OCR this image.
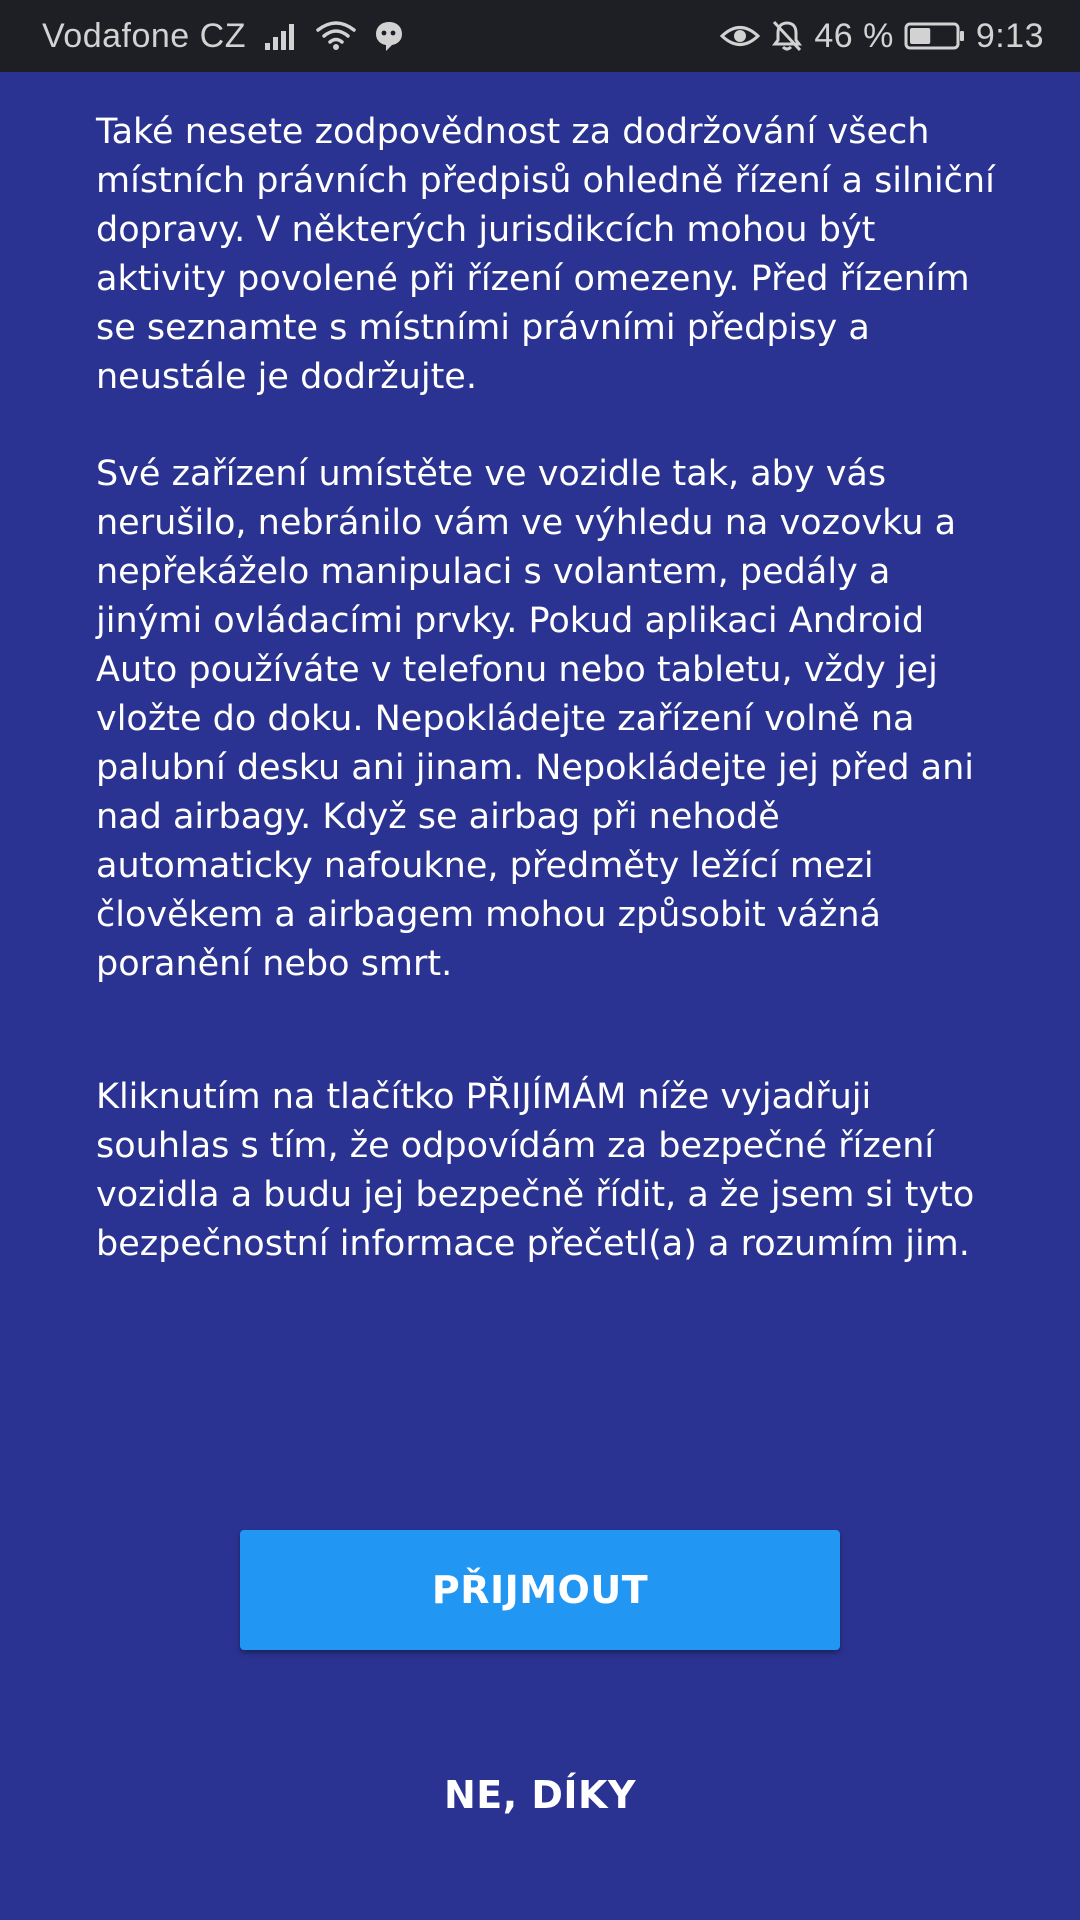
Vodafone CZ	46 % 9:13

Také nesete zodpovědnost za dodržování všech místních právních předpisů ohledně řízení a silniční dopravy. V některých jurisdikcích mohou být aktivity povolené při řízení omezeny. Před řízením se seznamte s místními právními předpisy a neustále je dodržujte.

Své zařízení umístěte ve vozidle tak, aby vás nerušilo, nebránilo vám ve výhledu na vozovku a nepřekáželo manipulaci s volantem, pedály a jinými ovládacími prvky. Pokud aplikaci Android Auto používáte v telefonu nebo tabletu, vždy jej vložte do doku. Nepokládejte zařízení volně na palubní desku ani jinam. Nepokládejte jej před ani nad airbagy. Když se airbag při nehodě automaticky nafoukne, předměty ležící mezi člověkem a airbagem mohou způsobit vážná poranění nebo smrt.

Kliknutím na tlačítko PŘIJÍMÁM níže vyjadřuji souhlas s tím, že odpovídám za bezpečné řízení vozidla a budu jej bezpečně řídit, a že jsem si tyto bezpečnostní informace přečetl(a) a rozumím jim.

PŘIJMOUT
NE, DÍKY
